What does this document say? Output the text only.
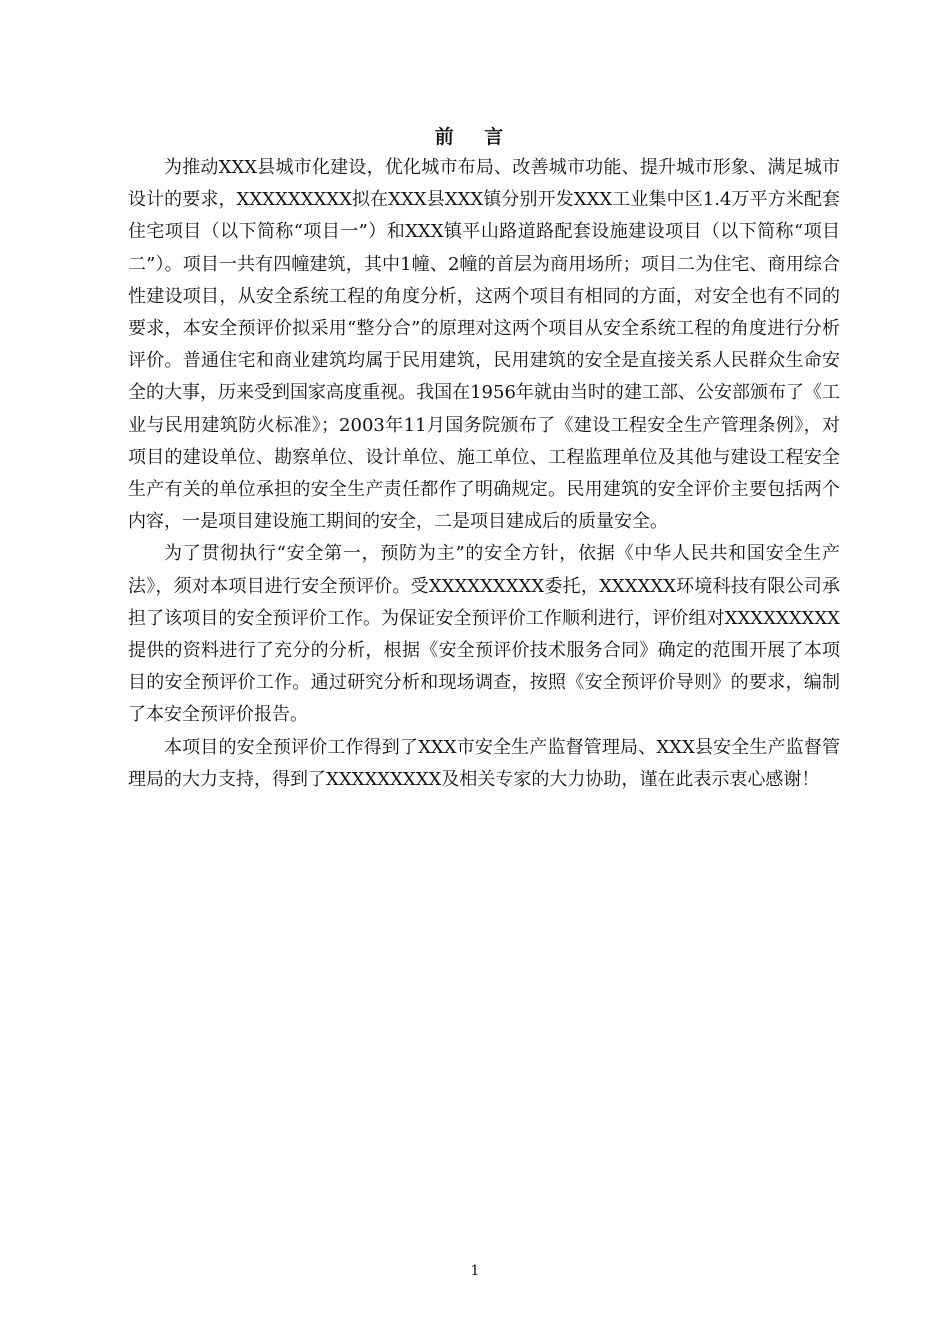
前 言

为推动XXX县城市化建设，优化城市布局、改善城市功能、提升城市形象、满足城市设计的要求，XXXXXXXXX拟在XXX县XXX镇分别开发XXX工业集中区1.4万平方米配套住宅项目（以下简称“项目一”）和XXX镇平山路道路配套设施建设项目（以下简称“项目二”）。项目一共有四幢建筑，其中1幢、2幢的首层为商用场所；项目二为住宅、商用综合性建设项目，从安全系统工程的角度分析，这两个项目有相同的方面，对安全也有不同的要求，本安全预评价拟采用“整分合”的原理对这两个项目从安全系统工程的角度进行分析评价。普通住宅和商业建筑均属于民用建筑，民用建筑的安全是直接关系人民群众生命安全的大事，历来受到国家高度重视。我国在1956年就由当时的建工部、公安部颁布了《工业与民用建筑防火标准》；2003年11月国务院颁布了《建设工程安全生产管理条例》，对项目的建设单位、勘察单位、设计单位、施工单位、工程监理单位及其他与建设工程安全生产有关的单位承担的安全生产责任都作了明确规定。民用建筑的安全评价主要包括两个内容，一是项目建设施工期间的安全，二是项目建成后的质量安全。

为了贯彻执行“安全第一，预防为主”的安全方针，依据《中华人民共和国安全生产法》，须对本项目进行安全预评价。受XXXXXXXXX委托，XXXXXX环境科技有限公司承担了该项目的安全预评价工作。为保证安全预评价工作顺利进行，评价组对XXXXXXXXX提供的资料进行了充分的分析，根据《安全预评价技术服务合同》确定的范围开展了本项目的安全预评价工作。通过研究分析和现场调查，按照《安全预评价导则》的要求，编制了本安全预评价报告。

本项目的安全预评价工作得到了XXX市安全生产监督管理局、XXX县安全生产监督管理局的大力支持，得到了XXXXXXXXX及相关专家的大力协助，谨在此表示衷心感谢！

1
